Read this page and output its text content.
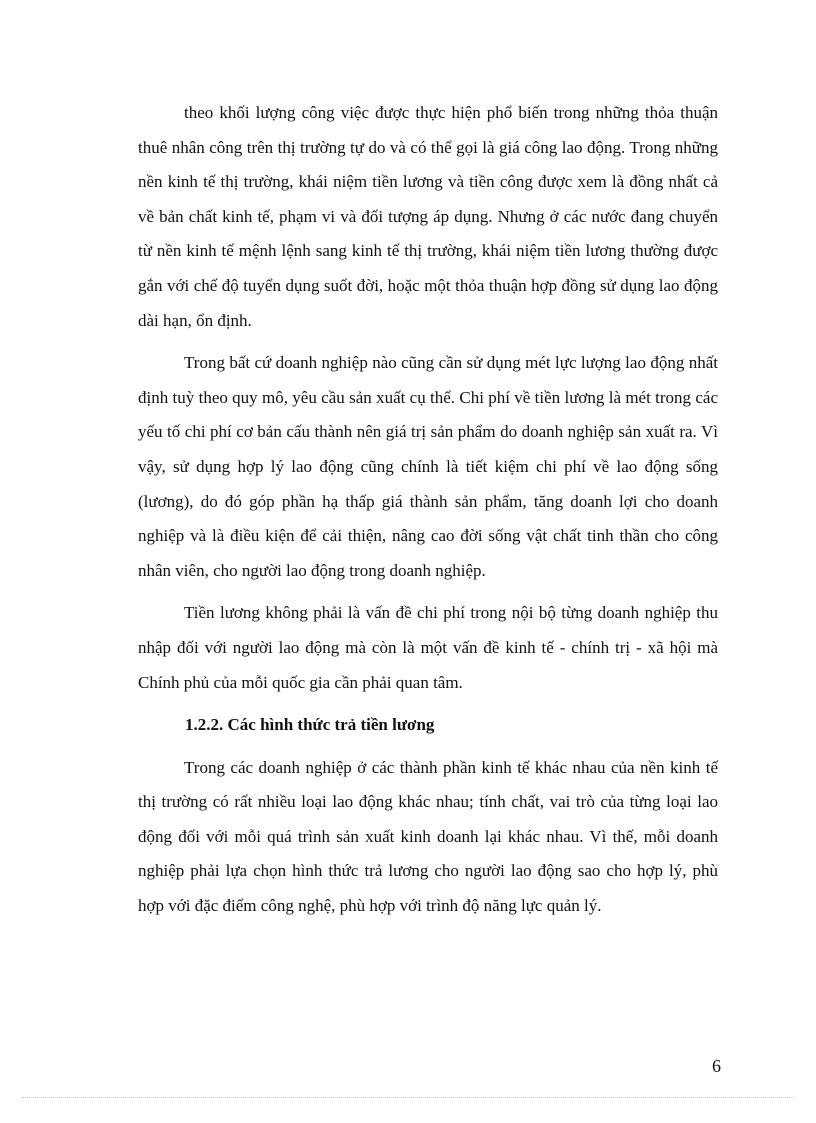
theo khối lượng công việc được thực hiện phổ biến trong những thỏa thuận thuê nhân công trên thị trường tự do và có thể gọi là giá công lao động. Trong những nền kinh tế thị trường, khái niệm tiền lương và tiền công được xem là đồng nhất cả về bản chất kinh tế, phạm vi và đối tượng áp dụng. Nhưng ở các nước đang chuyển từ nền kinh tế mệnh lệnh sang kinh tế thị trường, khái niệm tiền lương thường được gắn với chế độ tuyển dụng suốt đời, hoặc một thỏa thuận hợp đồng sử dụng lao động dài hạn, ổn định.

Trong bất cứ doanh nghiệp nào cũng cần sử dụng mét lực lượng lao động nhất định tuỳ theo quy mô, yêu cầu sản xuất cụ thể. Chi phí về tiền lương là mét trong các yếu tố chi phí cơ bản cấu thành nên giá trị sản phẩm do doanh nghiệp sản xuất ra. Vì vậy, sử dụng hợp lý lao động cũng chính là tiết kiệm chi phí về lao động sống (lương), do đó góp phần hạ thấp giá thành sản phẩm, tăng doanh lợi cho doanh nghiệp và là điều kiện để cải thiện, nâng cao đời sống vật chất tinh thần cho công nhân viên, cho người lao động trong doanh nghiệp.

Tiền lương không phải là vấn đề chi phí trong nội bộ từng doanh nghiệp thu nhập đối với người lao động mà còn là một vấn đề kinh tế - chính trị - xã hội mà Chính phủ của mỗi quốc gia cần phải quan tâm.

1.2.2. Các hình thức trả tiền lương

Trong các doanh nghiệp ở các thành phần kinh tế khác nhau của nền kinh tế thị trường có rất nhiều loại lao động khác nhau; tính chất, vai trò của từng loại lao động đối với mỗi quá trình sản xuất kinh doanh lại khác nhau. Vì thế, mỗi doanh nghiệp phải lựa chọn hình thức trả lương cho người lao động sao cho hợp lý, phù hợp với đặc điểm công nghệ, phù hợp với trình độ năng lực quản lý.

6
